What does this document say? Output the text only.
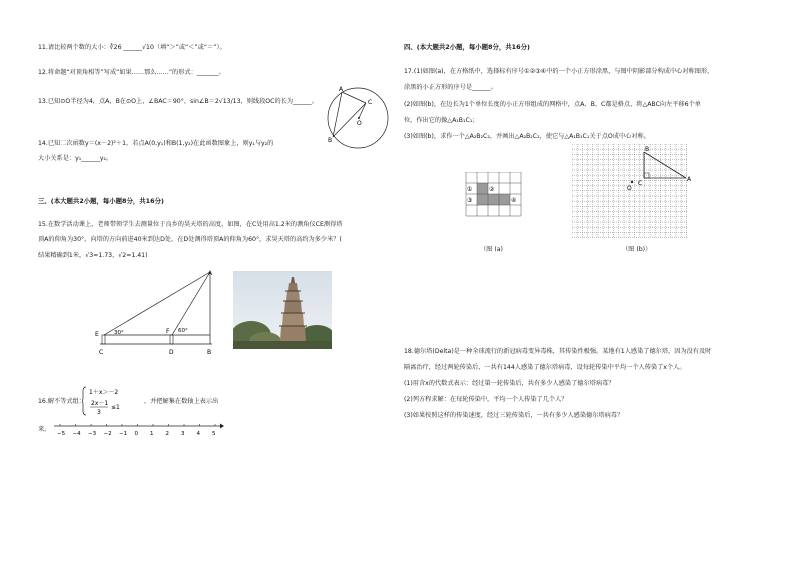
11.请比较两个数的大小：∛26 ______√10（填“＞”或“＜”或“＝”）。

12.将命题“对顶角相等”写成“如果……那么……”的形式：_______。

13.已知⊙O半径为4，点A，B在⊙O上，∠BAC＝90°，sin∠B＝2√13/13，则线段OC的长为______。

A
B
C
O

14.已知二次函数y＝(x－2)²＋1，若点A(0,y₁)和B(1,y₂)在此函数图象上，则y₁与y₂的

大小关系是：y₁______y₂。

三、(本大题共2小题，每小题8分，共16分)

15.在数学活动课上，老师带领学生去测量位于良乡的昊天塔的高度。如图，在C处用高1.2米的测角仪CE测得塔

顶A的仰角为30°，向塔的方向前进40米到达D处，在D处测得塔顶A的仰角为60°，求昊天塔的高约为多少米？(

结果精确到1米，√3≈1.73，√2≈1.41)

A
E	F
C	D	B
30°	60°

16.解不等式组：

1＋x＞－2
2x－1
3
≤1

，并把解集在数轴上表示出

来。

−5 −4 −3 −2 −1 0 1 2 3 4 5

四、(本大题共2小题，每小题8分，共16分)

17.(1)如图(a)，在方格纸中，选择标有序号①②③④中的一个小正方形涂黑，与图中阴影部分构成中心对称图形，

涂黑的小正方形的序号是______。

(2)如图(b)，在边长为1个单位长度的小正方形组成的网格中，点A、B、C都是格点，将△ABC向左平移6个单

位，作出它的像△A₁B₁C₁；

(3)如图(b)，求作一个△A₂B₂C₂，并画出△A₂B₂C₂，使它与△A₁B₁C₁关于点O成中心对称。

①	②
③	④

（图 (a)

B
A
C
O

（图 (b)）

18.德尔塔(Delta)是一种全球流行的新冠病毒变异毒株，其传染性极强。某地有1人感染了德尔塔，因为没有及时

隔离治疗，经过两轮传染后，一共有144人感染了德尔塔病毒，设每轮传染中平均一个人传染了x个人。

(1)用含x的代数式表示：经过第一轮传染后，共有多少人感染了德尔塔病毒？

(2)列方程求解：在每轮传染中，平均一个人传染了几个人？

(3)如果按照这样的传染速度，经过三轮传染后，一共有多少人感染德尔塔病毒？
